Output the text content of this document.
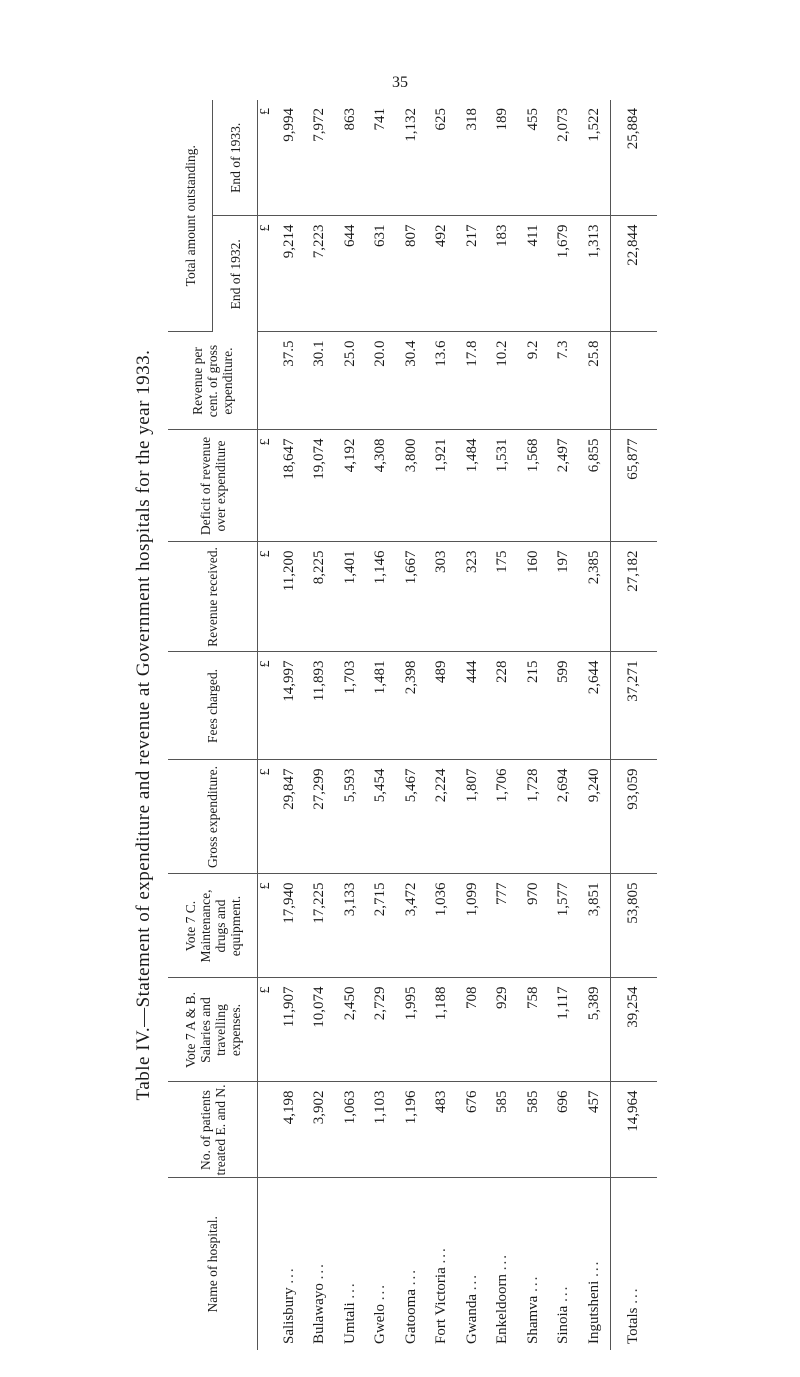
35
Table IV.—Statement of expenditure and revenue at Government hospitals for the year 1933.
Name of hospital.	No. of patients treated E. and N.	Vote 7 A & B. Salaries and travelling expenses.	Vote 7 C. Maintenance, drugs and equipment.	Gross expenditure.	Fees charged.	Revenue received.	Deficit of revenue over expenditure	Revenue per cent. of gross expenditure.	Total amount outstanding.	
									End of 1932.	End of 1933.
		£	£	£	£	£	£		£	£
Salisbury ...	4,198	11,907	17,940	29,847	14,997	11,200	18,647	37.5	9,214	9,994
Bulawayo ...	3,902	10,074	17,225	27,299	11,893	8,225	19,074	30.1	7,223	7,972
Umtali ...	1,063	2,450	3,133	5,593	1,703	1,401	4,192	25.0	644	863
Gwelo ...	1,103	2,729	2,715	5,454	1,481	1,146	4,308	20.0	631	741
Gatooma ...	1,196	1,995	3,472	5,467	2,398	1,667	3,800	30.4	807	1,132
Fort Victoria ...	483	1,188	1,036	2,224	489	303	1,921	13.6	492	625
Gwanda ...	676	708	1,099	1,807	444	323	1,484	17.8	217	318
Enkeldoorn ...	585	929	777	1,706	228	175	1,531	10.2	183	189
Shamva ...	585	758	970	1,728	215	160	1,568	9.2	411	455
Sinoia ...	696	1,117	1,577	2,694	599	197	2,497	7.3	1,679	2,073
Ingutsheni ...	457	5,389	3,851	9,240	2,644	2,385	6,855	25.8	1,313	1,522
Totals ...	14,964	39,254	53,805	93,059	37,271	27,182	65,877		22,844	25,884
